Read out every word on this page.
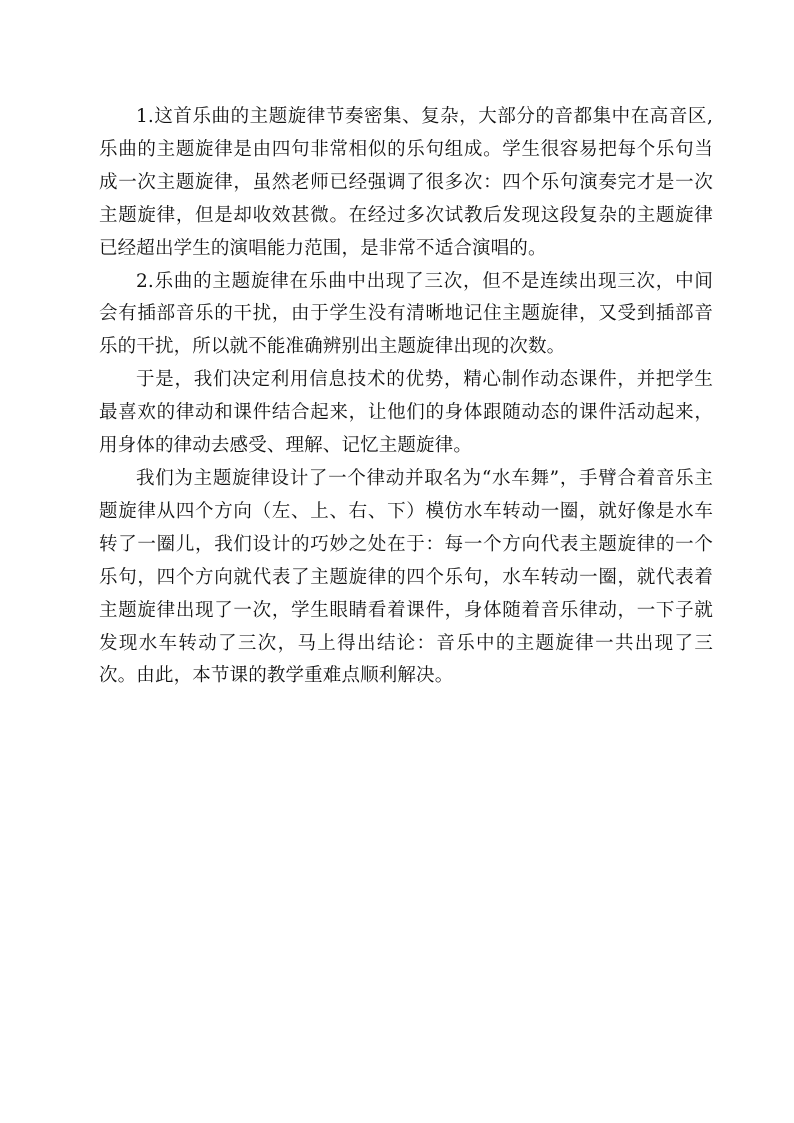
1.这首乐曲的主题旋律节奏密集、复杂，大部分的音都集中在高音区,乐曲的主题旋律是由四句非常相似的乐句组成。学生很容易把每个乐句当成一次主题旋律，虽然老师已经强调了很多次：四个乐句演奏完才是一次主题旋律，但是却收效甚微。在经过多次试教后发现这段复杂的主题旋律已经超出学生的演唱能力范围，是非常不适合演唱的。

2.乐曲的主题旋律在乐曲中出现了三次，但不是连续出现三次，中间会有插部音乐的干扰，由于学生没有清晰地记住主题旋律，又受到插部音乐的干扰，所以就不能准确辨别出主题旋律出现的次数。

于是，我们决定利用信息技术的优势，精心制作动态课件，并把学生最喜欢的律动和课件结合起来，让他们的身体跟随动态的课件活动起来，用身体的律动去感受、理解、记忆主题旋律。

我们为主题旋律设计了一个律动并取名为“水车舞”，手臂合着音乐主题旋律从四个方向（左、上、右、下）模仿水车转动一圈，就好像是水车转了一圈儿，我们设计的巧妙之处在于：每一个方向代表主题旋律的一个乐句，四个方向就代表了主题旋律的四个乐句，水车转动一圈，就代表着主题旋律出现了一次，学生眼睛看着课件，身体随着音乐律动，一下子就发现水车转动了三次，马上得出结论：音乐中的主题旋律一共出现了三次。由此，本节课的教学重难点顺利解决。
